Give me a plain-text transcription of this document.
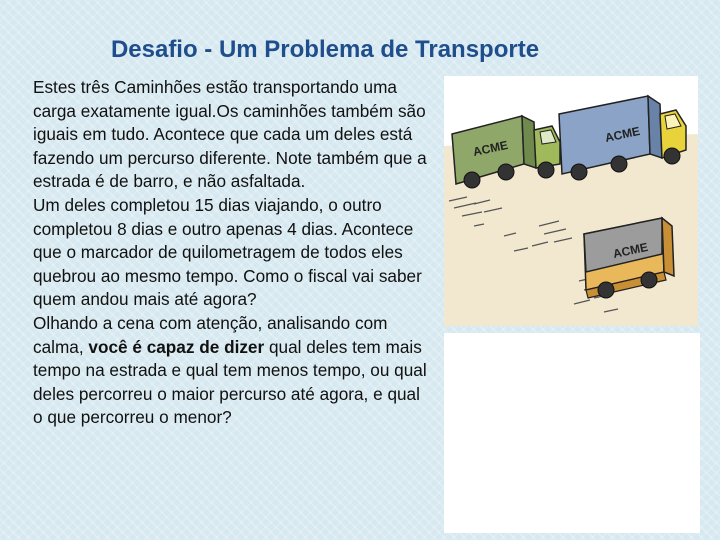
Desafio - Um Problema de Transporte

Estes três Caminhões estão transportando uma carga exatamente igual.Os caminhões também são iguais em tudo. Acontece que cada um deles está fazendo um percurso diferente. Note também que a estrada é de barro, e não asfaltada.

Um deles completou 15 dias viajando, o outro completou 8 dias e outro apenas 4 dias. Acontece que o marcador de quilometragem de todos eles quebrou ao mesmo tempo. Como o fiscal vai saber quem andou mais até agora?

Olhando a cena com atenção, analisando com calma, você é capaz de dizer qual deles tem mais tempo na estrada e qual tem menos tempo, ou qual deles percorreu o maior percurso até agora, e qual o que percorreu o menor?

ACME
ACME
ACME
